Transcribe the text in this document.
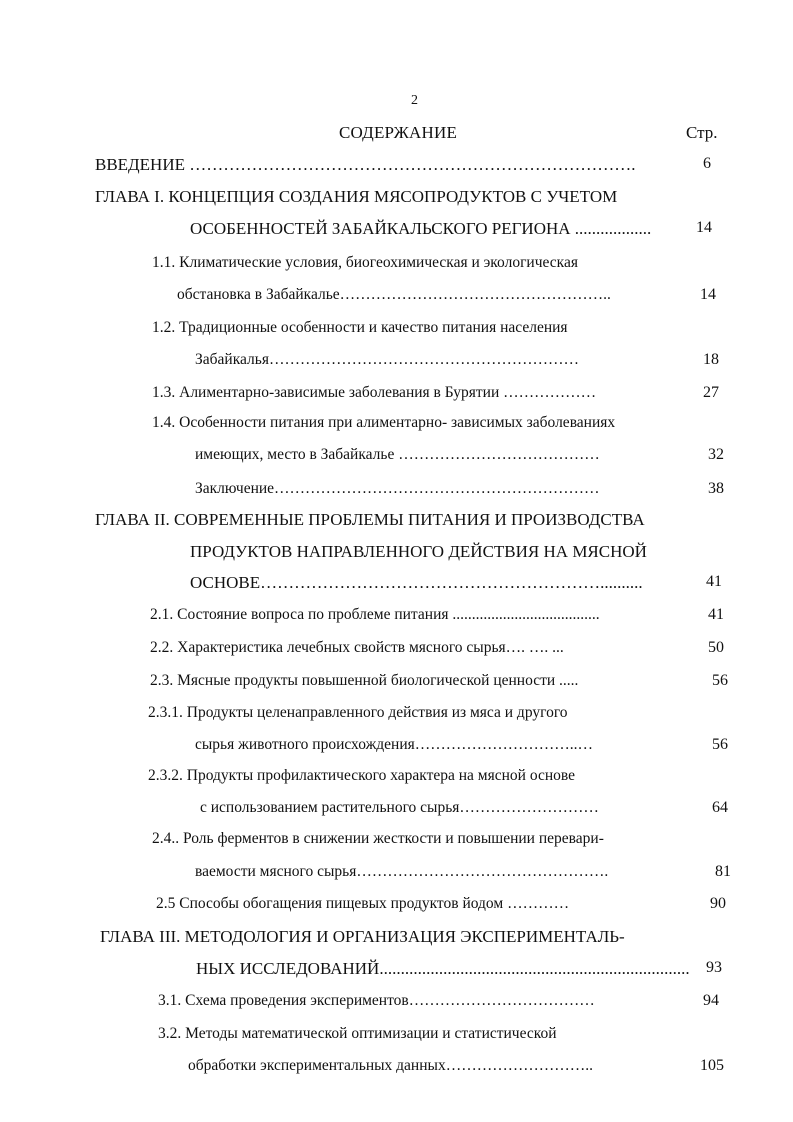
2
СОДЕРЖАНИЕ	Стр.
ВВЕДЕНИЕ …………………………………………………………………….	6
ГЛАВА I. КОНЦЕПЦИЯ СОЗДАНИЯ МЯСОПРОДУКТОВ С УЧЕТОМ
ОСОБЕННОСТЕЙ ЗАБАЙКАЛЬСКОГО РЕГИОНА ..................	14
1.1. Климатические условия, биогеохимическая и экологическая
обстановка в Забайкалье……………………………………………..	14
1.2. Традиционные особенности и качество питания населения
Забайкалья……………………………………………………	18
1.3. Алиментарно-зависимые заболевания в Бурятии ………………	27
1.4. Особенности питания при алиментарно- зависимых заболеваниях
имеющих, место в Забайкалье …………………………………	32
Заключение………………………………………………………	38
ГЛАВА II. СОВРЕМЕННЫЕ ПРОБЛЕМЫ ПИТАНИЯ И ПРОИЗВОДСТВА
ПРОДУКТОВ НАПРАВЛЕННОГО ДЕЙСТВИЯ НА МЯСНОЙ
ОСНОВЕ……………………………………………………..........	41
2.1. Состояние вопроса по проблеме питания ......................................	41
2.2. Характеристика лечебных свойств мясного сырья…. …. ...	50
2.3. Мясные продукты повышенной биологической ценности .....	56
2.3.1. Продукты целенаправленного действия из мяса и другого
сырья животного происхождения…………………………..…	56
2.3.2. Продукты профилактического характера на мясной основе
с использованием растительного сырья………………………	64
2.4.. Роль ферментов в снижении жесткости и повышении перевари-
ваемости мясного сырья………………………………………….	81
2.5 Способы обогащения пищевых продуктов йодом …………	90
ГЛАВА III. МЕТОДОЛОГИЯ И ОРГАНИЗАЦИЯ ЭКСПЕРИМЕНТАЛЬ-
НЫХ ИССЛЕДОВАНИЙ......................................................................... 93
3.1. Схема проведения экспериментов………………………………	94
3.2. Методы математической оптимизации и статистической
обработки экспериментальных данных………………………..	105
